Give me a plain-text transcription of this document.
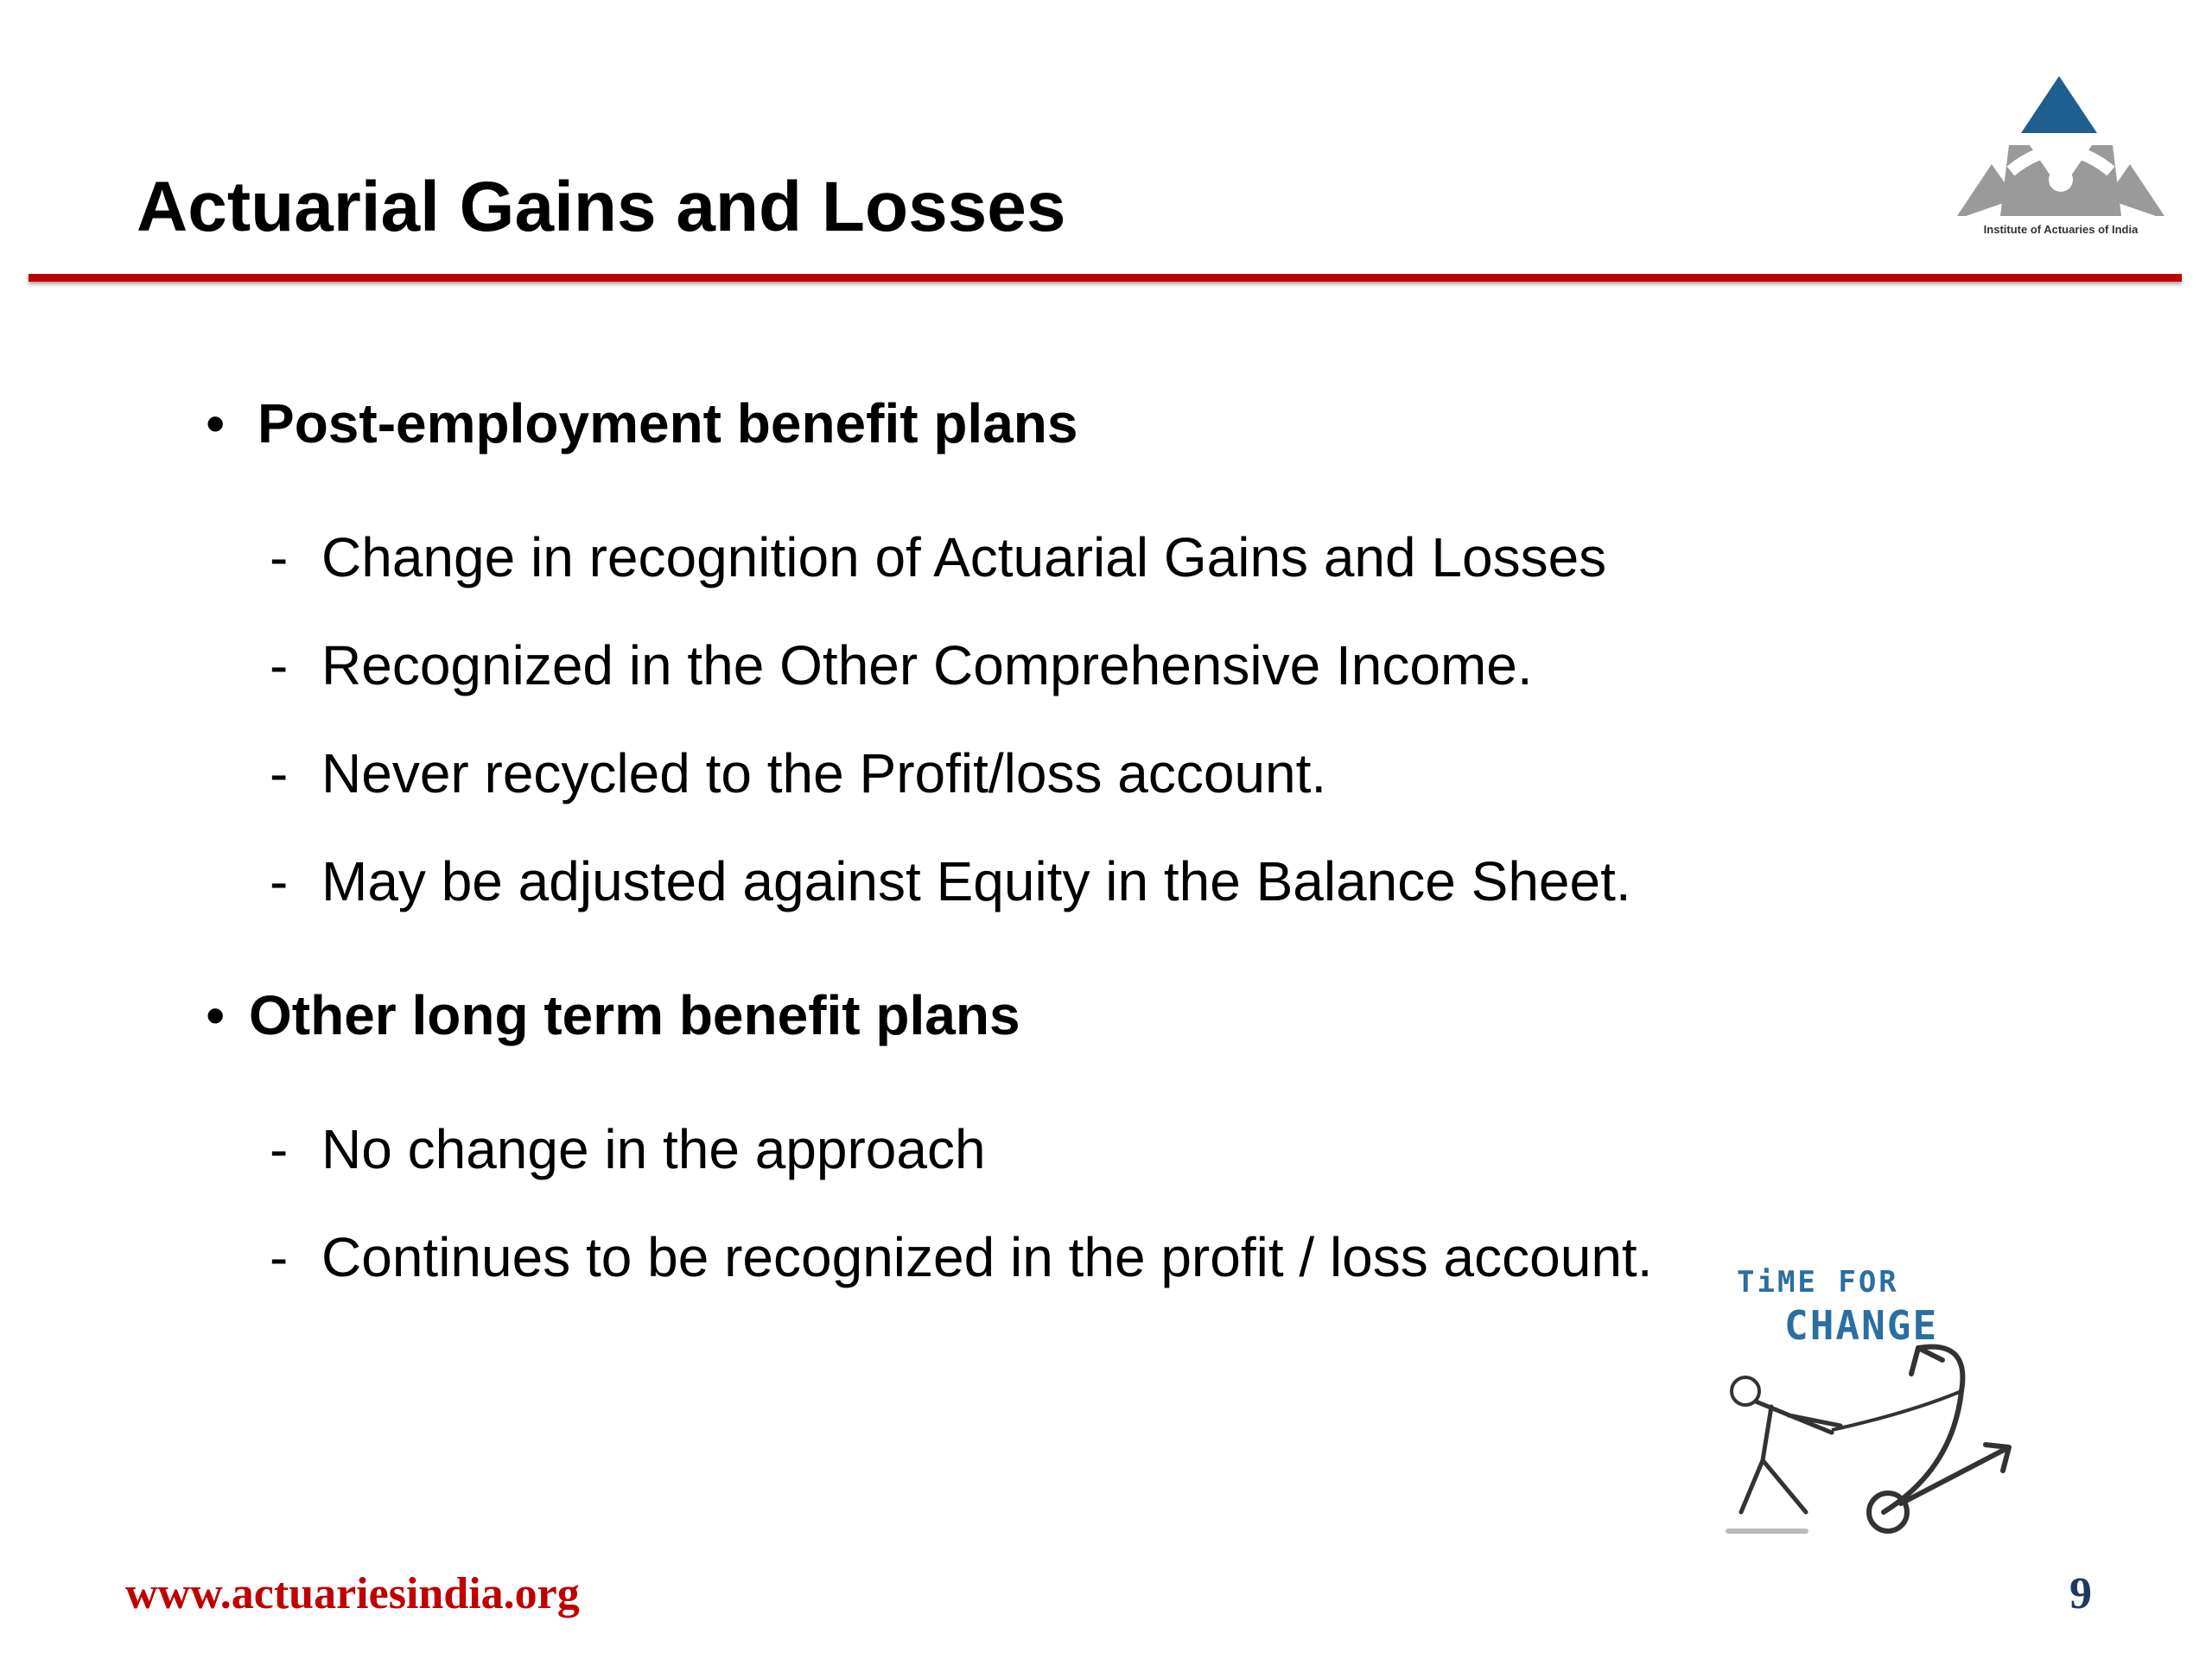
Actuarial Gains and Losses	Institute of Actuaries of India
• Post-employment benefit plans
- Change in recognition of Actuarial Gains and Losses
- Recognized in the Other Comprehensive Income.
- Never recycled to the Profit/loss account.
- May be adjusted against Equity in the Balance Sheet.
• Other long term benefit plans
- No change in the approach
- Continues to be recognized in the profit / loss account.	TiME FOR
CHANGE
www.actuariesindia.org	9
